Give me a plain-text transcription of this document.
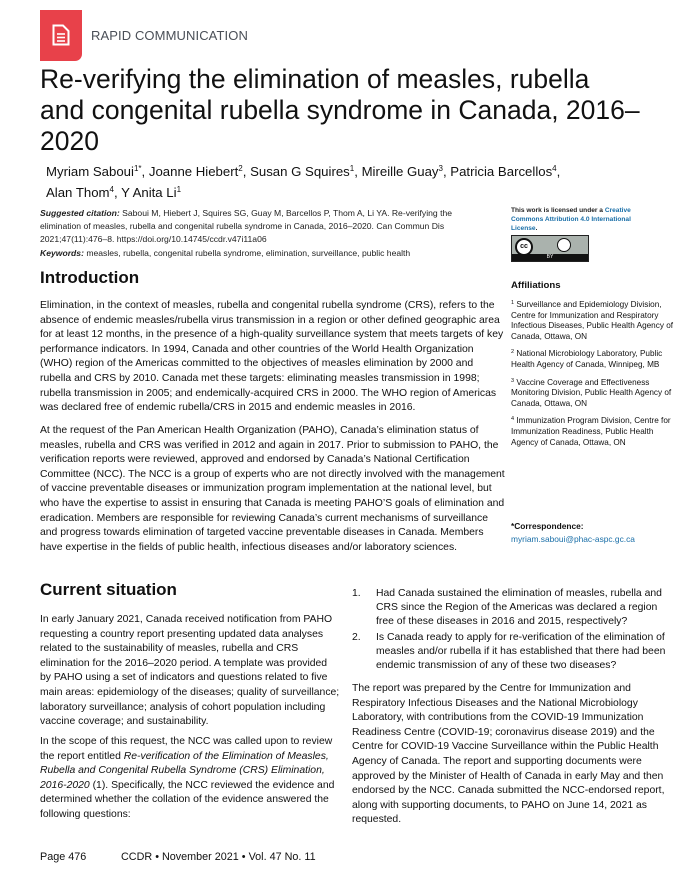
RAPID COMMUNICATION
Re-verifying the elimination of measles, rubella and congenital rubella syndrome in Canada, 2016–2020
Myriam Saboui$^{1*}$, Joanne Hiebert$^2$, Susan G Squires$^1$, Mireille Guay$^3$, Patricia Barcellos$^4$,
Alan Thom$^4$, Y Anita Li$^1$
Suggested citation: Saboui M, Hiebert J, Squires SG, Guay M, Barcellos P, Thom A, Li YA. Re-verifying the elimination of measles, rubella and congenital rubella syndrome in Canada, 2016–2020. Can Commun Dis 2021;47(11):476–8. https://doi.org/10.14745/ccdr.v47i11a06
Keywords: measles, rubella, congenital rubella syndrome, elimination, surveillance, public health
This work is licensed under a Creative Commons Attribution 4.0 International License.
cc
BY
Affiliations
$^1$ Surveillance and Epidemiology Division, Centre for Immunization and Respiratory Infectious Diseases, Public Health Agency of Canada, Ottawa, ON
$^2$ National Microbiology Laboratory, Public Health Agency of Canada, Winnipeg, MB
$^3$ Vaccine Coverage and Effectiveness Monitoring Division, Public Health Agency of Canada, Ottawa, ON
$^4$ Immunization Program Division, Centre for Immunization Readiness, Public Health Agency of Canada, Ottawa, ON
*Correspondence:
myriam.saboui@phac-aspc.gc.ca
Introduction

Elimination, in the context of measles, rubella and congenital rubella syndrome (CRS), refers to the absence of endemic measles/rubella virus transmission in a region or other defined geographic area for at least 12 months, in the presence of a high-quality surveillance system that meets targets of key performance indicators. In 1994, Canada and other countries of the World Health Organization (WHO) region of the Americas committed to the objectives of measles elimination by 2000 and rubella and CRS by 2010. Canada met these targets: eliminating measles transmission in 1998; rubella transmission in 2005; and endemically-acquired CRS in 2000. The WHO region of Americas was declared free of endemic rubella/CRS in 2015 and endemic measles in 2016.

At the request of the Pan American Health Organization (PAHO), Canada’s elimination status of measles, rubella and CRS was verified in 2012 and again in 2017. Prior to submission to PAHO, the verification reports were reviewed, approved and endorsed by Canada’s National Certification Committee (NCC). The NCC is a group of experts who are not directly involved with the management of vaccine preventable diseases or immunization program implementation at the national level, but who have the expertise to assist in ensuring that Canada is meeting PAHO’S goals of elimination and eradication. Members are responsible for reviewing Canada’s current mechanisms of surveillance and progress towards elimination of targeted vaccine preventable diseases in Canada. Members have expertise in the fields of public health, infectious diseases and/or laboratory sciences.

Current situation

In early January 2021, Canada received notification from PAHO requesting a country report presenting updated data analyses related to the sustainability of measles, rubella and CRS elimination for the 2016–2020 period. A template was provided by PAHO using a set of indicators and questions related to five main areas: epidemiology of the diseases; quality of surveillance; laboratory surveillance; analysis of cohort population including vaccine coverage; and sustainability.

In the scope of this request, the NCC was called upon to review the report entitled Re-verification of the Elimination of Measles, Rubella and Congenital Rubella Syndrome (CRS) Elimination, 2016-2020 (1). Specifically, the NCC reviewed the evidence and determined whether the collation of the evidence answered the following questions:

1. Had Canada sustained the elimination of measles, rubella and CRS since the Region of the Americas was declared a region free of these diseases in 2016 and 2015, respectively?
2. Is Canada ready to apply for re-verification of the elimination of measles and/or rubella if it has established that there had been endemic transmission of any of these two diseases?

The report was prepared by the Centre for Immunization and Respiratory Infectious Diseases and the National Microbiology Laboratory, with contributions from the COVID-19 Immunization Readiness Centre (COVID-19; coronavirus disease 2019) and the Centre for COVID-19 Vaccine Surveillance within the Public Health Agency of Canada. The report and supporting documents were approved by the Minister of Health of Canada in early May and then endorsed by the NCC. Canada submitted the NCC-endorsed report, along with supporting documents, to PAHO on June 14, 2021 as requested.

Page 476	CCDR • November 2021 • Vol. 47 No. 11
